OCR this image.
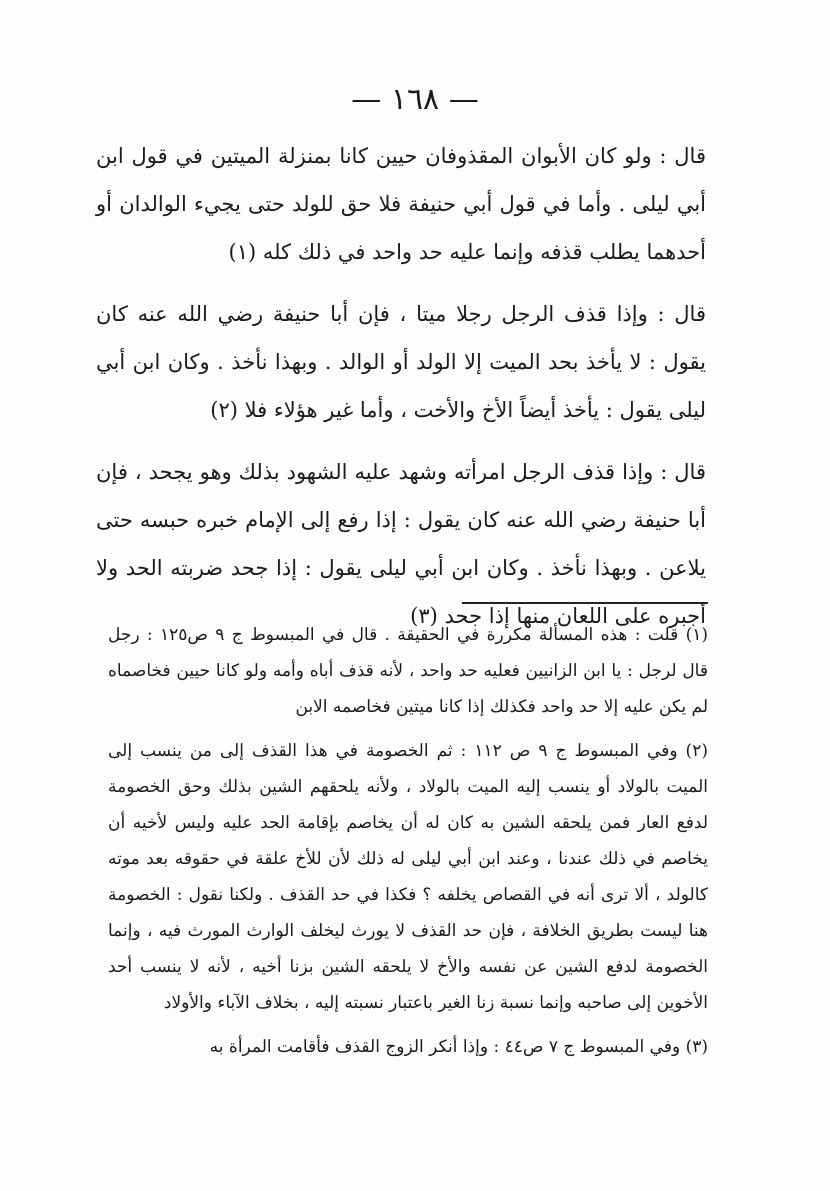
— ١٦٨ —

قال : ولو كان الأبوان المقذوفان حيين كانا بمنزلة الميتين في قول ابن أبي ليلى . وأما في قول أبي حنيفة فلا حق للولد حتى يجيء الوالدان أو أحدهما يطلب قذفه وإنما عليه حد واحد في ذلك كله (١)

قال : وإذا قذف الرجل رجلا ميتا ، فإن أبا حنيفة رضي الله عنه كان يقول : لا يأخذ بحد الميت إلا الولد أو الوالد . وبهذا نأخذ . وكان ابن أبي ليلى يقول : يأخذ أيضاً الأخ والأخت ، وأما غير هؤلاء فلا (٢)

قال : وإذا قذف الرجل امرأته وشهد عليه الشهود بذلك وهو يجحد ، فإن أبا حنيفة رضي الله عنه كان يقول : إذا رفع إلى الإمام خبره حبسه حتى يلاعن . وبهذا نأخذ . وكان ابن أبي ليلى يقول : إذا جحد ضربته الحد ولا أجبره على اللعان منها إذا جحد (٣)

(١) قلت : هذه المسألة مكررة في الحقيقة . قال في المبسوط ج ٩ ص١٢٥ : رجل قال لرجل : يا ابن الزانيين فعليه حد واحد ، لأنه قذف أباه وأمه ولو كانا حيين فخاصماه لم يكن عليه إلا حد واحد فكذلك إذا كانا ميتين فخاصمه الابن

(٢) وفي المبسوط ج ٩ ص ١١٢ : ثم الخصومة في هذا القذف إلى من ينسب إلى الميت بالولاد أو ينسب إليه الميت بالولاد ، ولأنه يلحقهم الشين بذلك وحق الخصومة لدفع العار فمن يلحقه الشين به كان له أن يخاصم بإقامة الحد عليه وليس لأخيه أن يخاصم في ذلك عندنا ، وعند ابن أبي ليلى له ذلك لأن للأخ علقة في حقوقه بعد موته كالولد ، ألا ترى أنه في القصاص يخلفه ؟ فكذا في حد القذف . ولكنا نقول : الخصومة هنا ليست بطريق الخلافة ، فإن حد القذف لا يورث ليخلف الوارث المورث فيه ، وإنما الخصومة لدفع الشين عن نفسه والأخ لا يلحقه الشين بزنا أخيه ، لأنه لا ينسب أحد الأخوين إلى صاحبه وإنما نسبة زنا الغير باعتبار نسبته إليه ، بخلاف الآباء والأولاد

(٣) وفي المبسوط ج ٧ ص٤٤ : وإذا أنكر الزوج القذف فأقامت المرأة به
